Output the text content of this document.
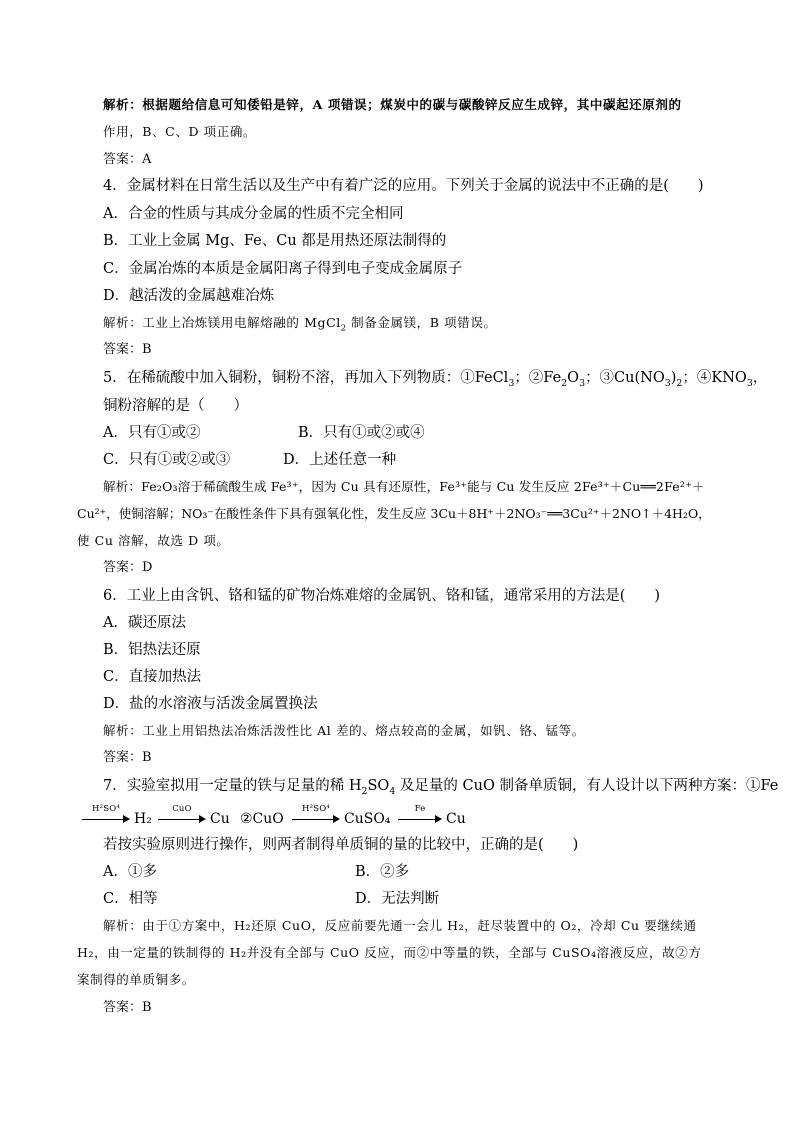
解析：根据题给信息可知倭铅是锌，A 项错误；煤炭中的碳与碳酸锌反应生成锌，其中碳起还原剂的
作用，B、C、D 项正确。
答案：A
4．金属材料在日常生活以及生产中有着广泛的应用。下列关于金属的说法中不正确的是(　　)
A．合金的性质与其成分金属的性质不完全相同
B．工业上金属 Mg、Fe、Cu 都是用热还原法制得的
C．金属冶炼的本质是金属阳离子得到电子变成金属原子
D．越活泼的金属越难冶炼
解析：工业上冶炼镁用电解熔融的 MgCl$_2$ 制备金属镁，B 项错误。
答案：B
5．在稀硫酸中加入铜粉，铜粉不溶，再加入下列物质：①FeCl$_3$；$②Fe_2O_3$；$③Cu(NO_3)_2$；$④KNO_3$，
铜粉溶解的是（　　）
A．只有①或②	B．只有①或②或④
C．只有①或②或③	D．上述任意一种
解析：Fe₂O₃溶于稀硫酸生成 Fe³⁺，因为 Cu 具有还原性，Fe³⁺能与 Cu 发生反应 2Fe³⁺＋Cu══2Fe²⁺＋
Cu²⁺，使铜溶解；NO₃⁻在酸性条件下具有强氧化性，发生反应 3Cu＋8H⁺＋2NO₃⁻══3Cu²⁺＋2NO↑＋4H₂O，
使 Cu 溶解，故选 D 项。
答案：D
6．工业上由含钒、铬和锰的矿物冶炼难熔的金属钒、铬和锰，通常采用的方法是(　　)
A．碳还原法
B．铝热法还原
C．直接加热法
D．盐的水溶液与活泼金属置换法
解析：工业上用铝热法冶炼活泼性比 Al 差的、熔点较高的金属，如钒、铬、锰等。
答案：B
7．实验室拟用一定量的铁与足量的稀 $H_2SO_4$ 及足量的 CuO 制备单质铜，有人设计以下两种方案：①Fe
H²SO⁴
H₂
CuO
Cu ②CuO
H²SO⁴
CuSO₄
Fe
Cu
若按实验原则进行操作，则两者制得单质铜的量的比较中，正确的是(　　)
A．①多	B．②多
C．相等	D．无法判断
解析：由于①方案中，H₂还原 CuO，反应前要先通一会儿 H₂，赶尽装置中的 O₂，冷却 Cu 要继续通
H₂，由一定量的铁制得的 H₂并没有全部与 CuO 反应，而②中等量的铁，全部与 CuSO₄溶液反应，故②方
案制得的单质铜多。
答案：B
